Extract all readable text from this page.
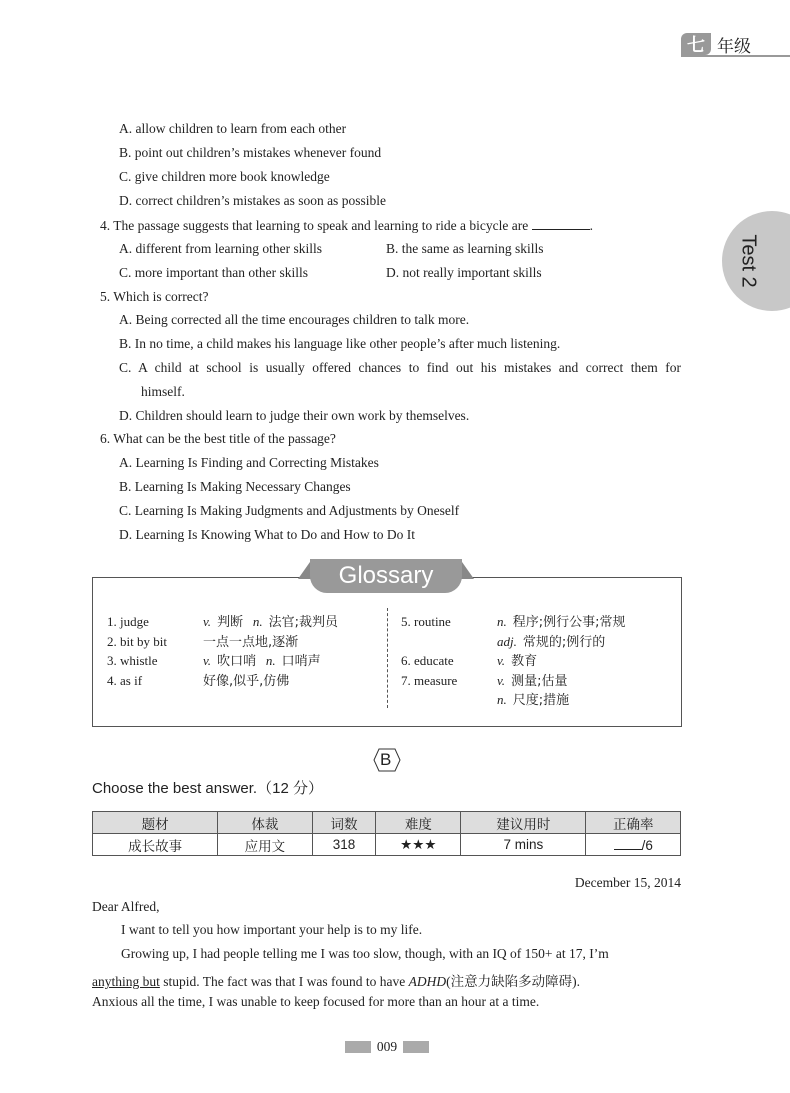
七 年级
Test 2
A. allow children to learn from each other
B. point out children’s mistakes whenever found
C. give children more book knowledge
D. correct children’s mistakes as soon as possible
4. The passage suggests that learning to speak and learning to ride a bicycle are	.
A. different from learning other skills	B. the same as learning skills
C. more important than other skills	D. not really important skills
5. Which is correct?
A. Being corrected all the time encourages children to talk more.
B. In no time, a child makes his language like other people’s after much listening.
C. A child at school is usually offered chances to find out his mistakes and correct them for
himself.
D. Children should learn to judge their own work by themselves.
6. What can be the best title of the passage?
A. Learning Is Finding and Correcting Mistakes
B. Learning Is Making Necessary Changes
C. Learning Is Making Judgments and Adjustments by Oneself
D. Learning Is Knowing What to Do and How to Do It
1. judge	v. 判断 n. 法官;裁判员
2. bit by bit	一点一点地,逐渐
3. whistle	v. 吹口哨 n. 口哨声
4. as if	好像,似乎,仿佛
5. routine	n. 程序;例行公事;常规
adj. 常规的;例行的
6. educate	v. 教育
7. measure	v. 测量;估量
n. 尺度;措施
Glossary
B
Choose the best answer.（12 分）
题材	体裁	词数	难度	建议用时	正确率
成长故事	应用文	318	★★★	7 mins	/6
December 15, 2014
Dear Alfred,
I want to tell you how important your help is to my life.
Growing up, I had people telling me I was too slow, though, with an IQ of 150+ at 17, I’m
anything but stupid. The fact was that I was found to have ADHD(注意力缺陷多动障碍).
Anxious all the time, I was unable to keep focused for more than an hour at a time.
009
